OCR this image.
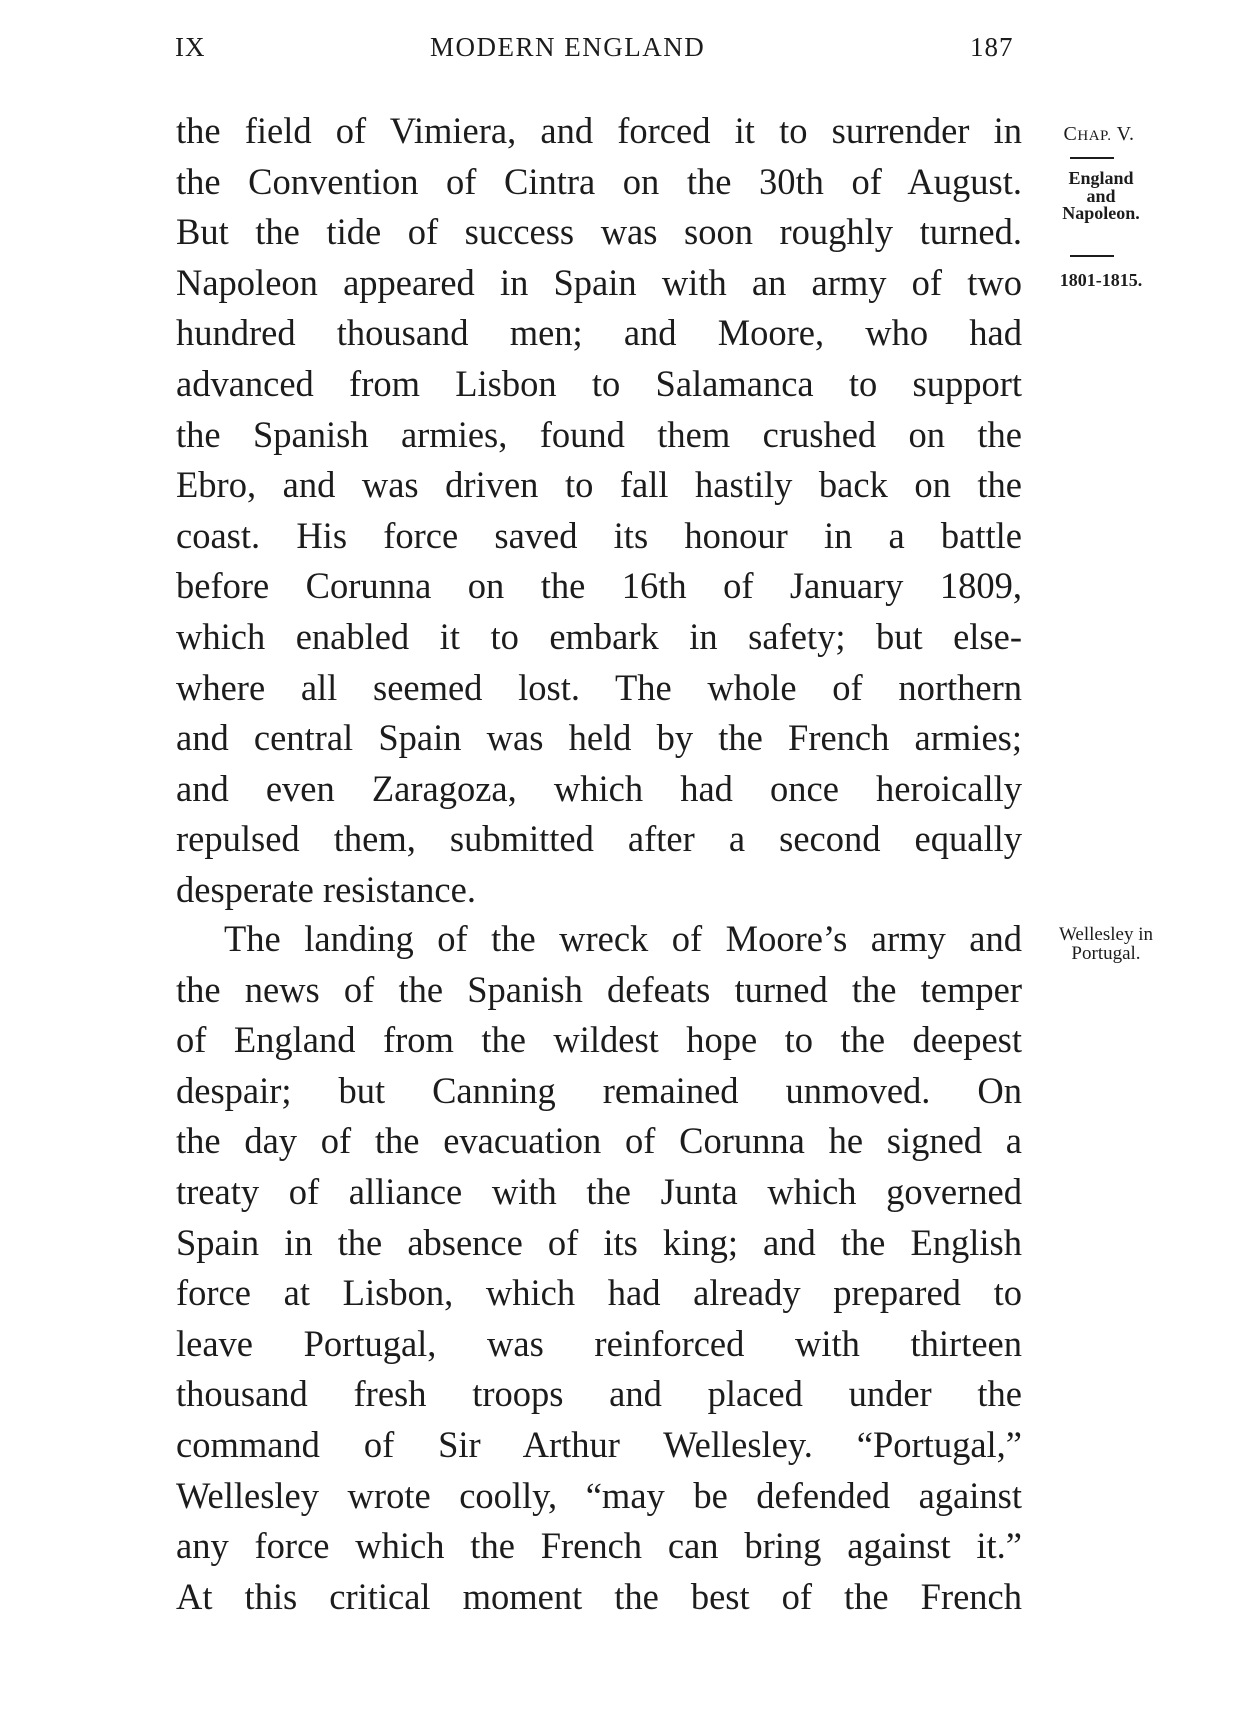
IX	MODERN ENGLAND	187
the field of Vimiera, and forced it to surrender in
the Convention of Cintra on the 30th of August.
But the tide of success was soon roughly turned.
Napoleon appeared in Spain with an army of two
hundred thousand men; and Moore, who had
advanced from Lisbon to Salamanca to support
the Spanish armies, found them crushed on the
Ebro, and was driven to fall hastily back on the
coast. His force saved its honour in a battle
before Corunna on the 16th of January 1809,
which enabled it to embark in safety; but else-
where all seemed lost. The whole of northern
and central Spain was held by the French armies;
and even Zaragoza, which had once heroically
repulsed them, submitted after a second equally
desperate resistance.
The landing of the wreck of Moore’s army and
the news of the Spanish defeats turned the temper
of England from the wildest hope to the deepest
despair; but Canning remained unmoved. On
the day of the evacuation of Corunna he signed a
treaty of alliance with the Junta which governed
Spain in the absence of its king; and the English
force at Lisbon, which had already prepared to
leave Portugal, was reinforced with thirteen
thousand fresh troops and placed under the
command of Sir Arthur Wellesley. “Portugal,”
Wellesley wrote coolly, “may be defended against
any force which the French can bring against it.”
At this critical moment the best of the French
CHAP. V.
England
and
Napoleon.
1801-1815.
Wellesley in
Portugal.
